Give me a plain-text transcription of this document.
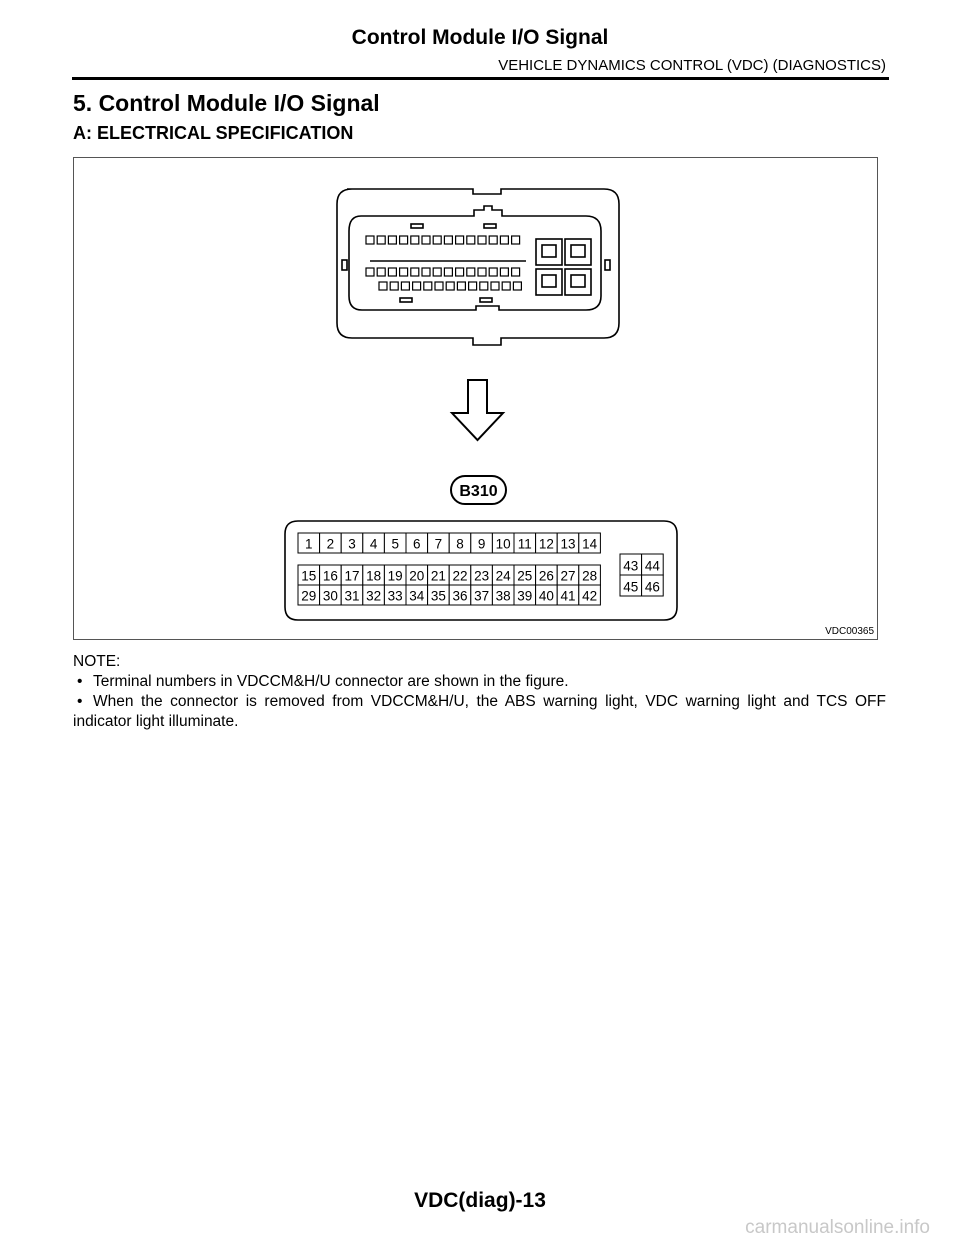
Control Module I/O Signal
VEHICLE DYNAMICS CONTROL (VDC) (DIAGNOSTICS)
5. Control Module I/O Signal
A: ELECTRICAL SPECIFICATION
B310
1 2 3 4 5 6 7 8 9 10 11 12 13 14
15 16 17 18 19 20 21 22 23 24 25 26 27 28
29 30 31 32 33 34 35 36 37 38 39 40 41 42
43 44
45 46
VDC00365
NOTE:
• Terminal numbers in VDCCM&H/U connector are shown in the figure.
• When the connector is removed from VDCCM&H/U, the ABS warning light, VDC warning light and TCS OFF indicator light illuminate.
VDC(diag)-13
carmanualsonline.info
